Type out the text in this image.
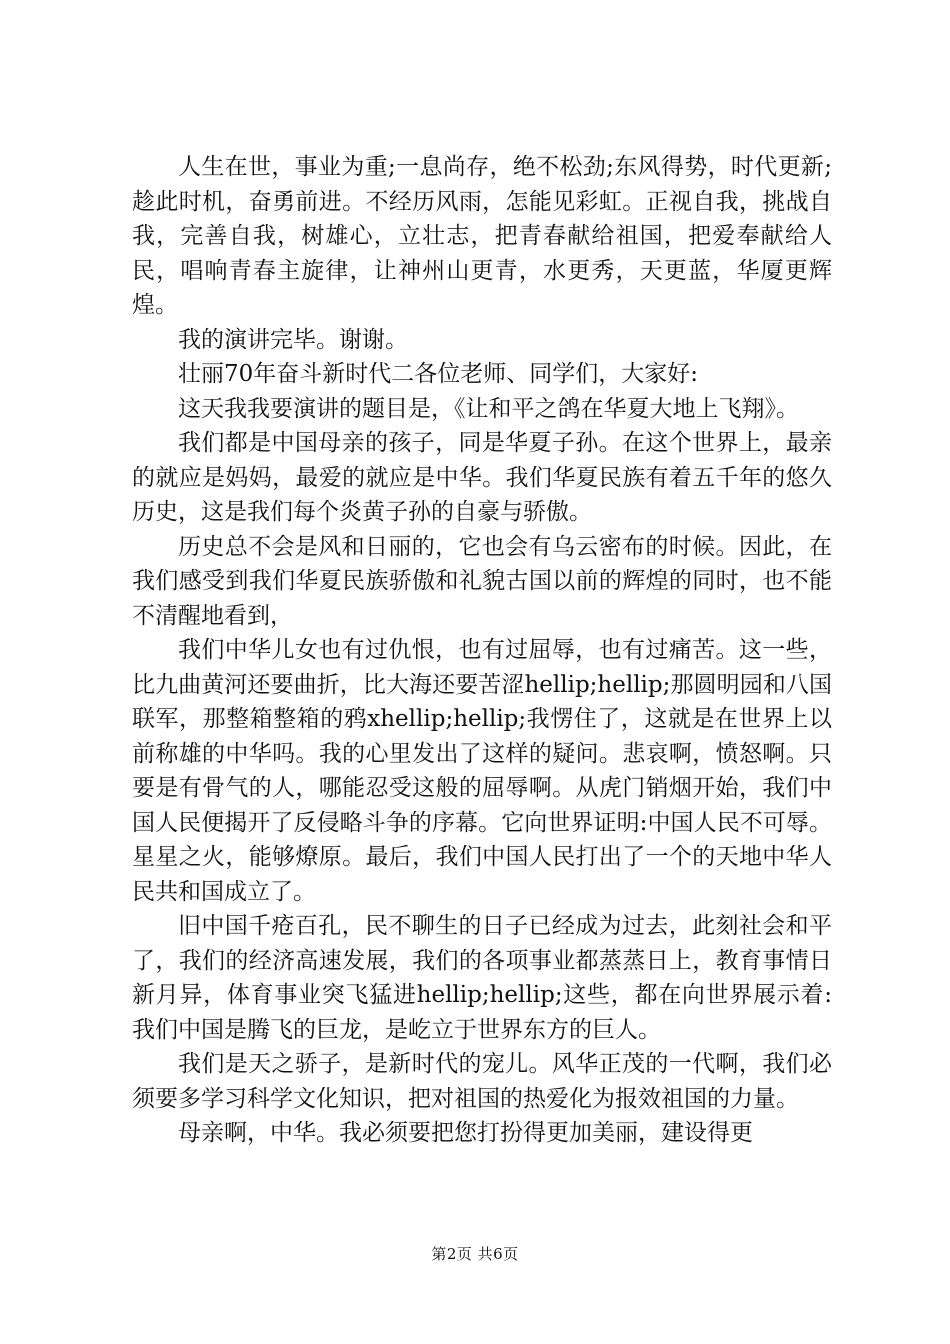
人生在世，事业为重;一息尚存，绝不松劲;东风得势，时代更新;趁此时机，奋勇前进。不经历风雨，怎能见彩虹。正视自我，挑战自我，完善自我，树雄心，立壮志，把青春献给祖国，把爱奉献给人民，唱响青春主旋律，让神州山更青，水更秀，天更蓝，华厦更辉煌。

我的演讲完毕。谢谢。

壮丽70年奋斗新时代二各位老师、同学们，大家好:

这天我我要演讲的题目是，《让和平之鸽在华夏大地上飞翔》。

我们都是中国母亲的孩子，同是华夏子孙。在这个世界上，最亲的就应是妈妈，最爱的就应是中华。我们华夏民族有着五千年的悠久历史，这是我们每个炎黄子孙的自豪与骄傲。

历史总不会是风和日丽的，它也会有乌云密布的时候。因此，在我们感受到我们华夏民族骄傲和礼貌古国以前的辉煌的同时，也不能不清醒地看到，

我们中华儿女也有过仇恨，也有过屈辱，也有过痛苦。这一些，比九曲黄河还要曲折，比大海还要苦涩hellip;hellip;那圆明园和八国联军，那整箱整箱的鸦xhellip;hellip;我愣住了，这就是在世界上以前称雄的中华吗。我的心里发出了这样的疑问。悲哀啊，愤怒啊。只要是有骨气的人，哪能忍受这般的屈辱啊。从虎门销烟开始，我们中国人民便揭开了反侵略斗争的序幕。它向世界证明:中国人民不可辱。星星之火，能够燎原。最后，我们中国人民打出了一个的天地中华人民共和国成立了。

旧中国千疮百孔，民不聊生的日子已经成为过去，此刻社会和平了，我们的经济高速发展，我们的各项事业都蒸蒸日上，教育事情日新月异，体育事业突飞猛进hellip;hellip;这些，都在向世界展示着:我们中国是腾飞的巨龙，是屹立于世界东方的巨人。

我们是天之骄子，是新时代的宠儿。风华正茂的一代啊，我们必须要多学习科学文化知识，把对祖国的热爱化为报效祖国的力量。

母亲啊，中华。我必须要把您打扮得更加美丽，建设得更

第2页 共6页
